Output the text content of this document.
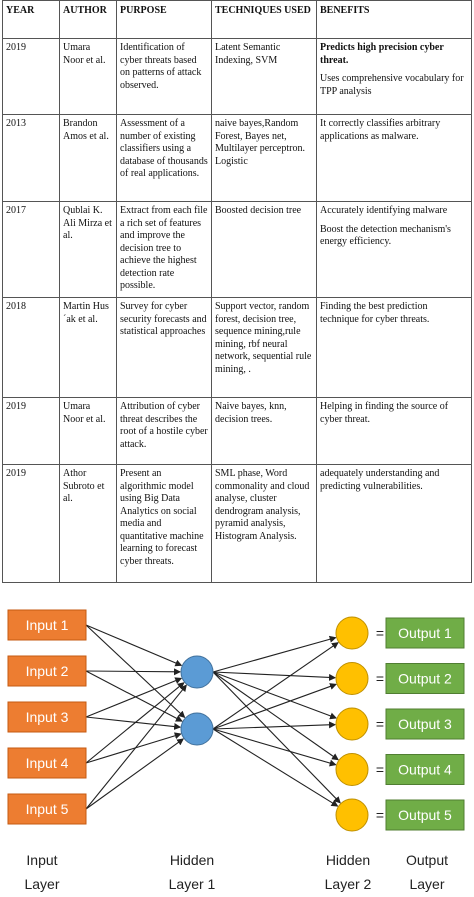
YEAR	AUTHOR	PURPOSE	TECHNIQUES USED	BENEFITS
2019	Umara Noor et al.	Identification of cyber threats based on patterns of attack observed.	Latent Semantic Indexing, SVM	Predicts high precision cyber threat.

Uses comprehensive vocabulary for TPP analysis

2013	Brandon Amos et al.	Assessment of a number of existing classifiers using a database of thousands of real applications.	naive bayes,Random Forest, Bayes net, Multilayer perceptron. Logistic	It correctly classifies arbitrary applications as malware.

2017	Qublai K. Ali Mirza et al.	Extract from each file a rich set of features and improve the decision tree to achieve the highest detection rate possible.	Boosted decision tree	Accurately identifying malware

Boost the detection mechanism's energy efficiency.

2018	Martin Hus´ak et al.	Survey for cyber security forecasts and statistical approaches	Support vector, random forest, decision tree, sequence mining,rule mining, rbf neural network, sequential rule mining, .	Finding the best prediction technique for cyber threats.

2019	Umara Noor et al.	Attribution of cyber threat describes the root of a hostile cyber attack.	Naive bayes, knn, decision trees.	Helping in finding the source of cyber threat.

2019	Athor Subroto et al.	Present an algorithmic model using Big Data Analytics on social media and quantitative machine learning to forecast cyber threats.	SML phase, Word commonality and cloud analyse, cluster dendrogram analysis, pyramid analysis, Histogram Analysis.	adequately understanding and predicting vulnerabilities.

Input 1
Input 2
Input 3
Input 4
Input 5
= Output 1
= Output 2
= Output 3
= Output 4
= Output 5
Input
Layer
Hidden
Layer 1
Hidden
Layer 2
Output
Layer
